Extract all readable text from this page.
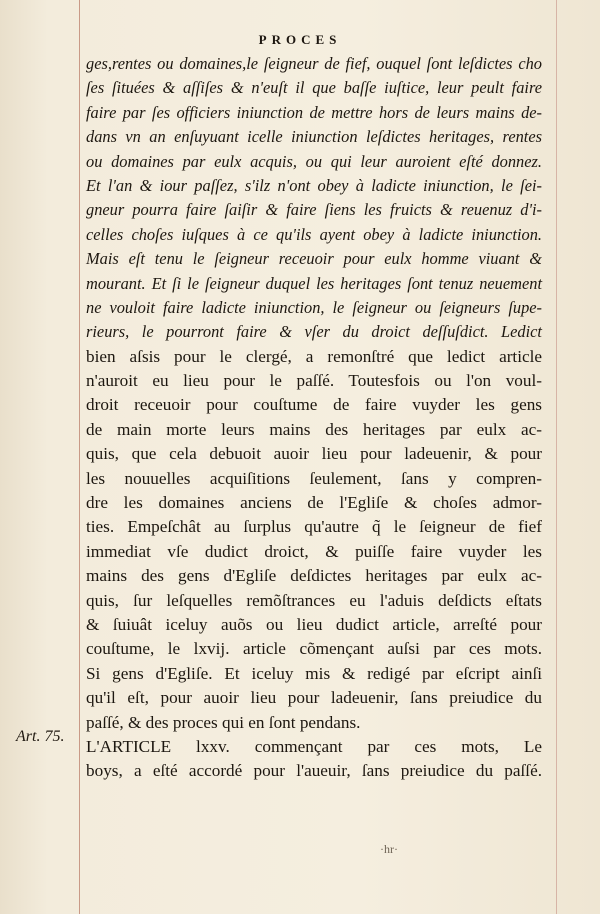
PROCES
ges,rentes ou domaines,le ſeigneur de fief, ouquel ſont leſdictes cho
ſes ſituées & aſſiſes & n'euſt il que baſſe iuſtice, leur peult faire
faire par ſes officiers iniunction de mettre hors de leurs mains de-
dans vn an enſuyuant icelle iniunction leſdictes heritages, rentes
ou domaines par eulx acquis, ou qui leur auroient eſté donnez.
Et l'an & iour paſſez, s'ilz n'ont obey à ladicte iniunction, le ſei-
gneur pourra faire ſaiſir & faire ſiens les fruicts & reuenuz d'i-
celles choſes iuſques à ce qu'ils ayent obey à ladicte iniunction.
Mais eſt tenu le ſeigneur receuoir pour eulx homme viuant &
mourant. Et ſi le ſeigneur duquel les heritages ſont tenuz neuement
ne vouloit faire ladicte iniunction, le ſeigneur ou ſeigneurs ſupe-
rieurs, le pourront faire & vſer du droict deſſuſdict. Ledict
bien aſsis pour le clergé, a remonſtré que ledict article
n'auroit eu lieu pour le paſſé. Toutesfois ou l'on voul-
droit receuoir pour couſtume de faire vuyder les gens
de main morte leurs mains des heritages par eulx ac-
quis, que cela debuoit auoir lieu pour ladeuenir, & pour
les nouuelles acquiſitions ſeulement, ſans y compren-
dre les domaines anciens de l'Egliſe & choſes admor-
ties. Empeſchât au ſurplus qu'autre q̃ le ſeigneur de fief
immediat vſe dudict droict, & puiſſe faire vuyder les
mains des gens d'Egliſe deſdictes heritages par eulx ac-
quis, ſur leſquelles remõſtrances eu l'aduis deſdicts eſtats
& ſuiuât iceluy auõs ou lieu dudict article, arreſté pour
couſtume, le lxvij. article cõmençant auſsi par ces mots.
Si gens d'Egliſe. Et iceluy mis & redigé par eſcript ainſi
qu'il eſt, pour auoir lieu pour ladeuenir, ſans preiudice du
paſſé, & des proces qui en ſont pendans.
L'ARTICLE lxxv. commençant par ces mots, Le
boys, a eſté accordé pour l'aueuir, ſans preiudice du paſſé.
Art. 75.
·hr·
